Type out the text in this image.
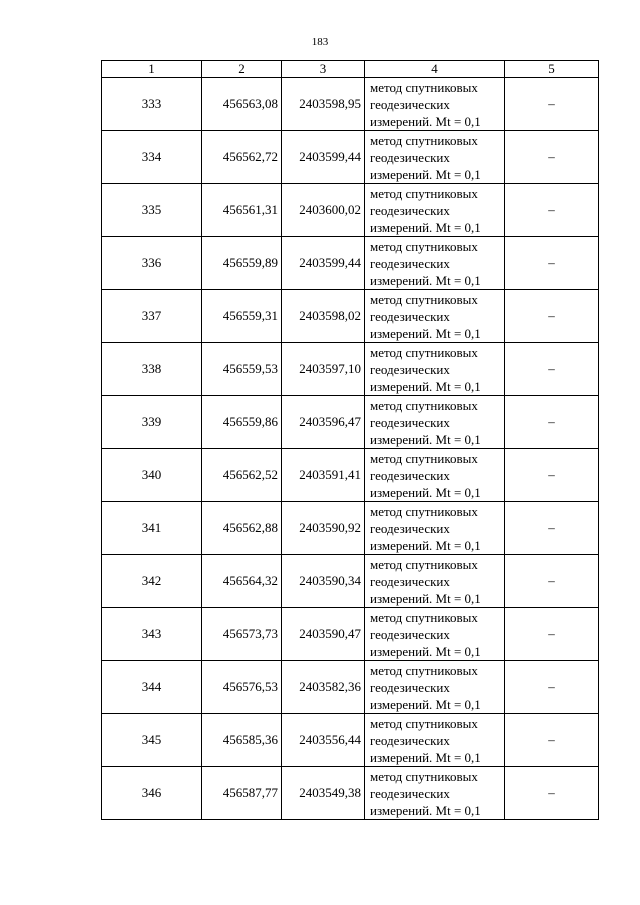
183
1	2	3	4	5
333	456563,08	2403598,95	метод спутниковых
геодезических
измерений. Mt = 0,1	–
334	456562,72	2403599,44	метод спутниковых
геодезических
измерений. Mt = 0,1	–
335	456561,31	2403600,02	метод спутниковых
геодезических
измерений. Mt = 0,1	–
336	456559,89	2403599,44	метод спутниковых
геодезических
измерений. Mt = 0,1	–
337	456559,31	2403598,02	метод спутниковых
геодезических
измерений. Mt = 0,1	–
338	456559,53	2403597,10	метод спутниковых
геодезических
измерений. Mt = 0,1	–
339	456559,86	2403596,47	метод спутниковых
геодезических
измерений. Mt = 0,1	–
340	456562,52	2403591,41	метод спутниковых
геодезических
измерений. Mt = 0,1	–
341	456562,88	2403590,92	метод спутниковых
геодезических
измерений. Mt = 0,1	–
342	456564,32	2403590,34	метод спутниковых
геодезических
измерений. Mt = 0,1	–
343	456573,73	2403590,47	метод спутниковых
геодезических
измерений. Mt = 0,1	–
344	456576,53	2403582,36	метод спутниковых
геодезических
измерений. Mt = 0,1	–
345	456585,36	2403556,44	метод спутниковых
геодезических
измерений. Mt = 0,1	–
346	456587,77	2403549,38	метод спутниковых
геодезических
измерений. Mt = 0,1	–
